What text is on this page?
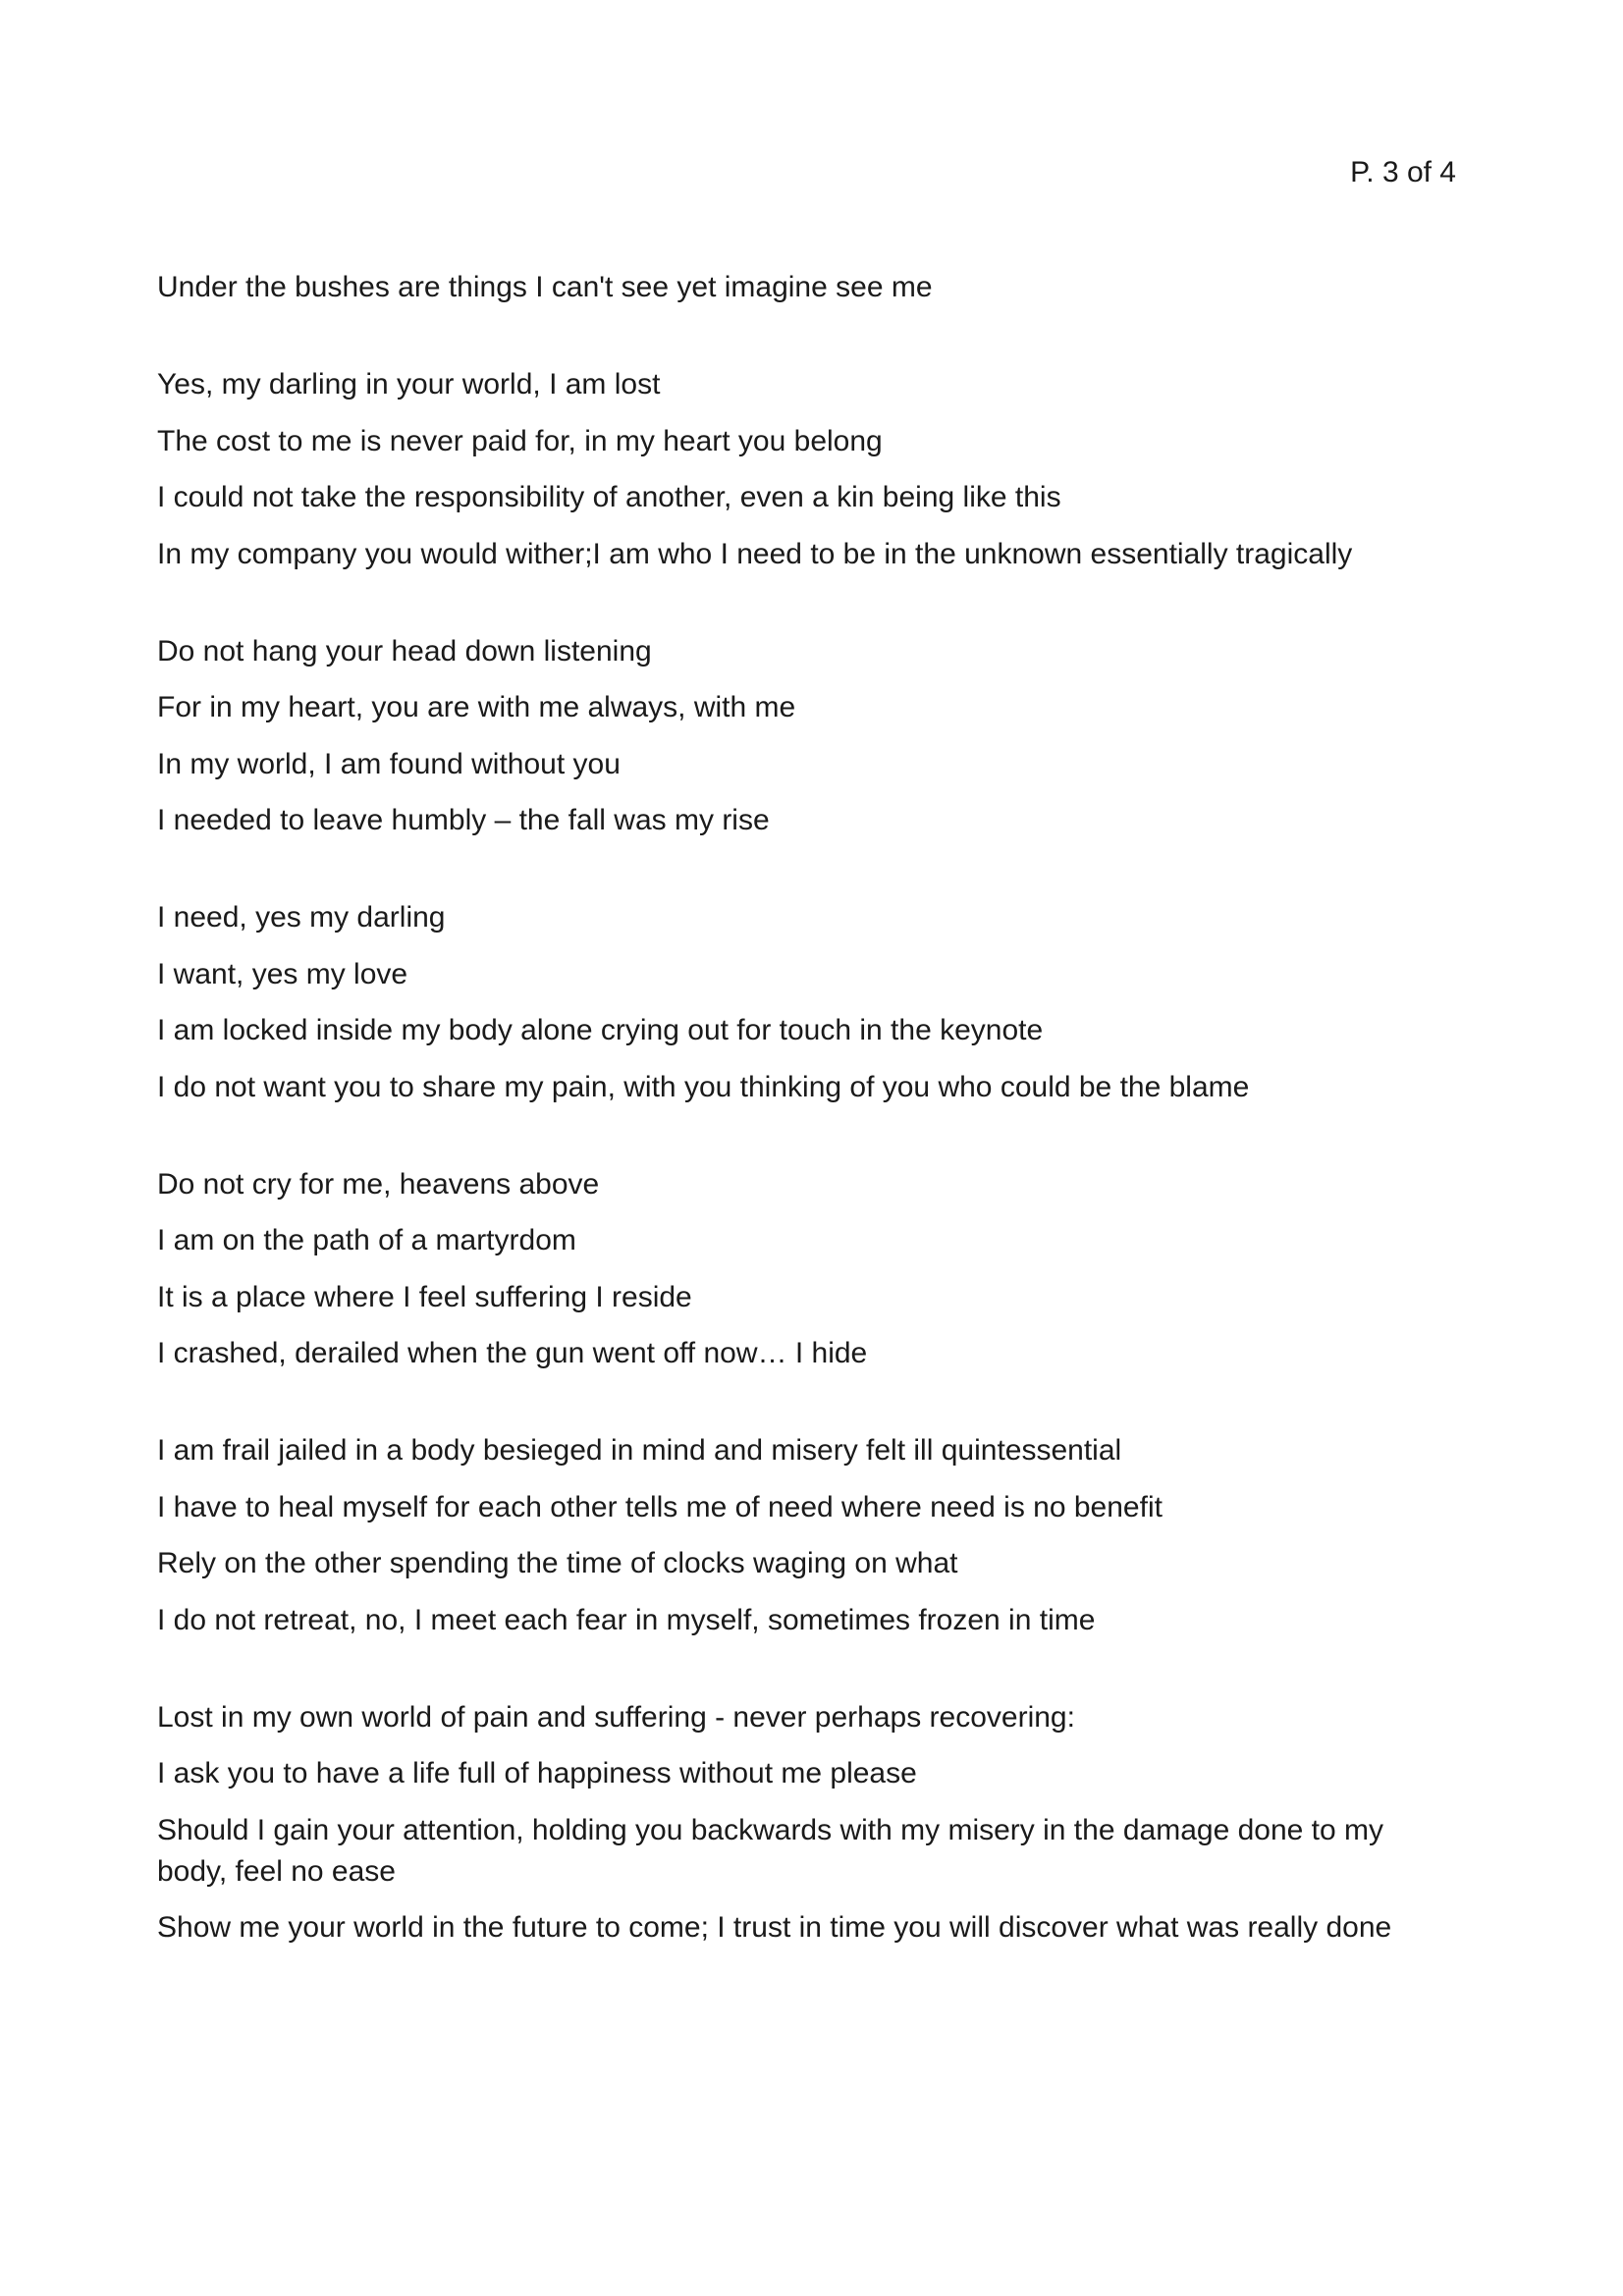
P. 3 of 4
Under the bushes are things I can't see yet imagine see me
Yes, my darling in your world, I am lost
The cost to me is never paid for, in my heart you belong
I could not take the responsibility of another, even a kin being like this
In my company you would wither;I am who I need to be in the unknown essentially tragically
Do not hang your head down listening
For in my heart, you are with me always, with me
In my world, I am found without you
I needed to leave humbly – the fall was my rise
I need, yes my darling
I want, yes my love
I am locked inside my body alone crying out for touch in the keynote
I do not want you to share my pain, with you thinking of you who could be the blame
Do not cry for me, heavens above
I am on the path of a martyrdom
It is a place where I feel suffering I reside
I crashed, derailed when the gun went off now… I hide
I am frail jailed in a body besieged in mind and misery felt ill quintessential
I have to heal myself for each other tells me of need where need is no benefit
Rely on the other spending the time of clocks waging on what
I do not retreat, no, I meet each fear in myself, sometimes frozen in time
Lost in my own world of pain and suffering - never perhaps recovering:
I ask you to have a life full of happiness without me please
Should I gain your attention, holding you backwards with my misery in the damage done to my body, feel no ease
Show me your world in the future to come; I trust in time you will discover what was really done
